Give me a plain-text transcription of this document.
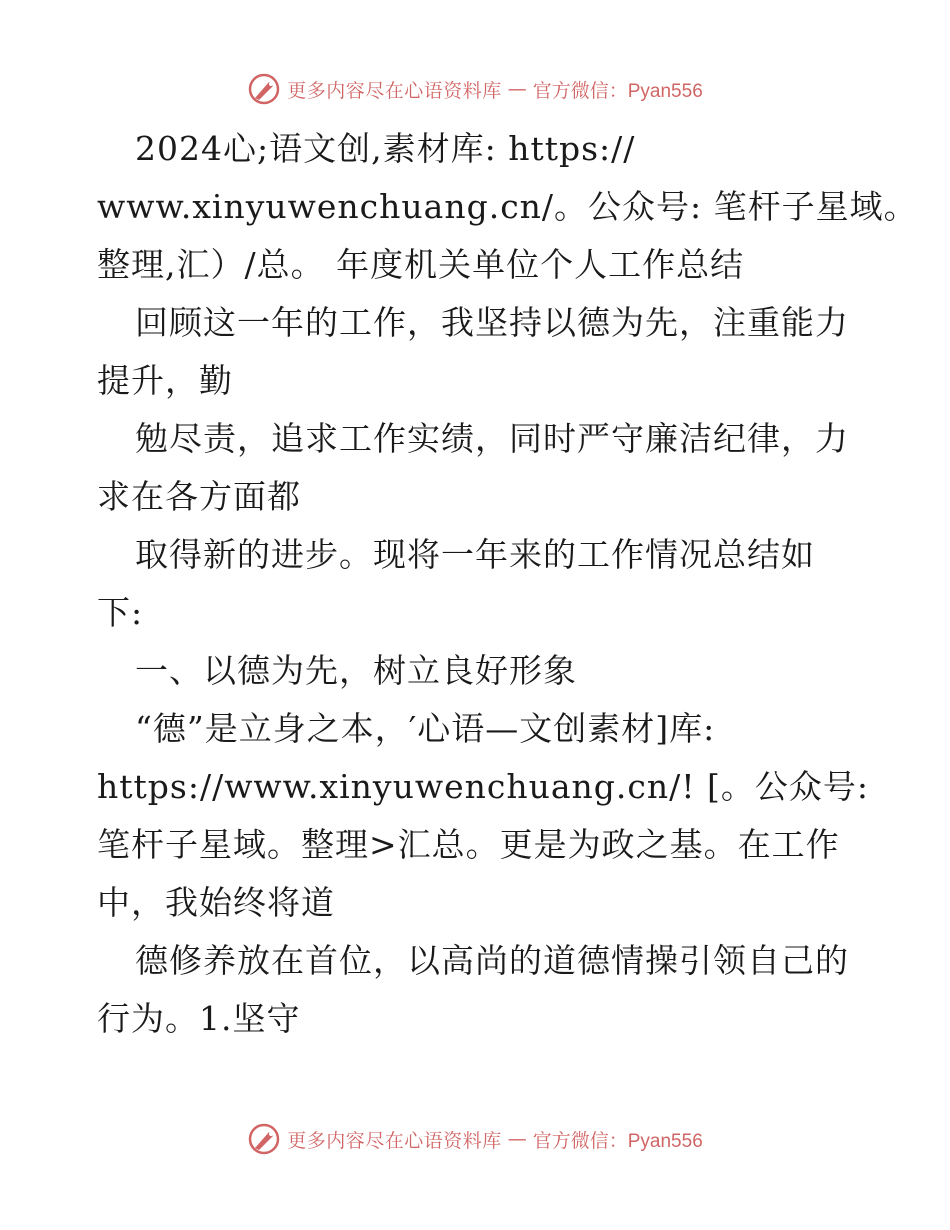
更多内容尽在心语资料库 — 官方微信：Pyan556
2024心;语文创,素材库: https://
www.xinyuwenchuang.cn/。公众号: 笔杆子星域。
整理,汇）/总。 年度机关单位个人工作总结
回顾这一年的工作，我坚持以德为先，注重能力
提升，勤
勉尽责，追求工作实绩，同时严守廉洁纪律，力
求在各方面都
取得新的进步。现将一年来的工作情况总结如
下:
一、以德为先，树立良好形象
“德”是立身之本，′心语—文创素材]库:
https://www.xinyuwenchuang.cn/! [。公众号:
笔杆子星域。整理>汇总。更是为政之基。在工作
中，我始终将道
德修养放在首位，以高尚的道德情操引领自己的
行为。1.坚守
更多内容尽在心语资料库 — 官方微信：Pyan556
